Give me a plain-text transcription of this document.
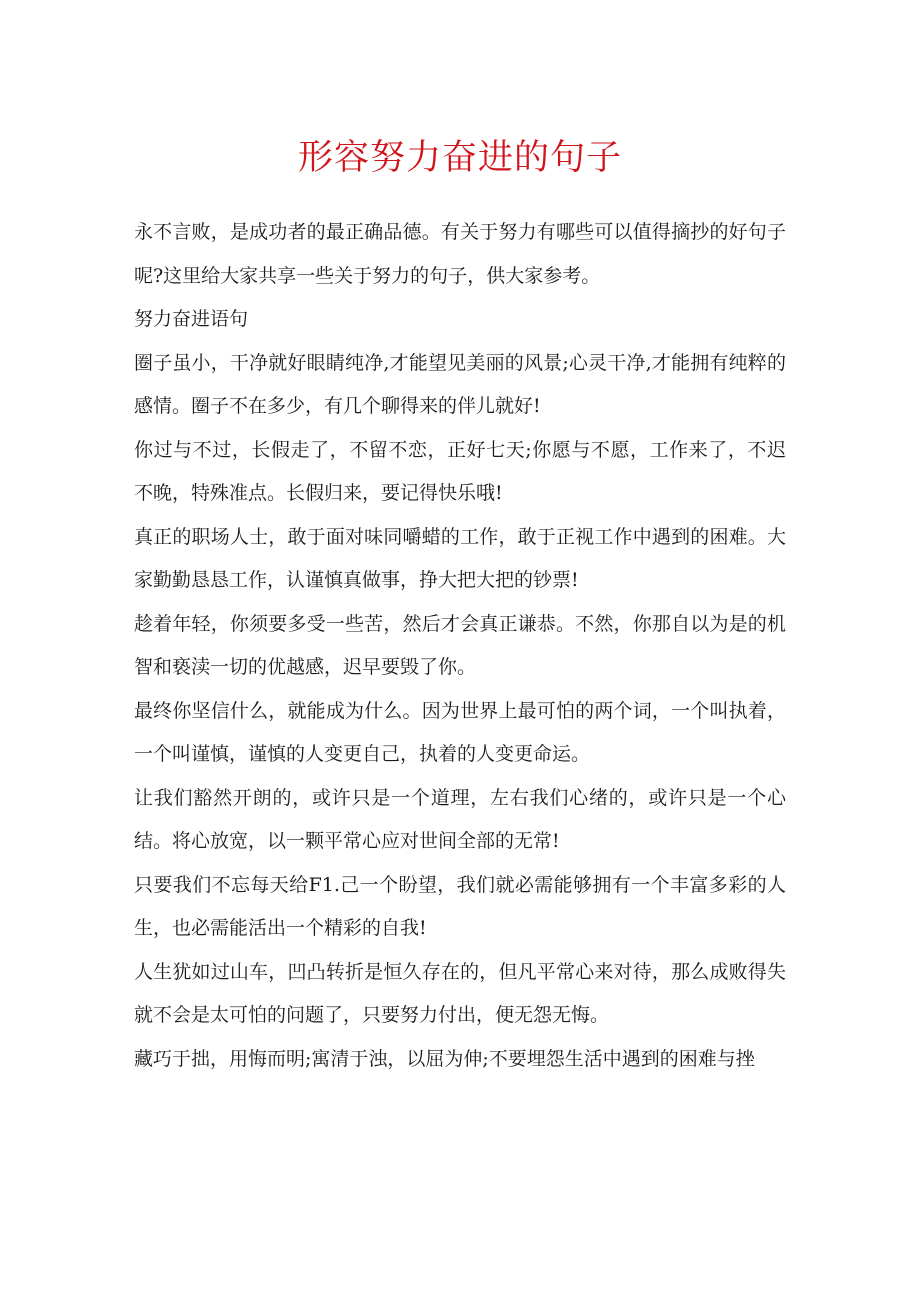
形容努力奋进的句子

永不言败，是成功者的最正确品德。有关于努力有哪些可以值得摘抄的好句子呢?这里给大家共享一些关于努力的句子，供大家参考。

努力奋进语句

圈子虽小，干净就好眼睛纯净,才能望见美丽的风景;心灵干净,才能拥有纯粹的感情。圈子不在多少，有几个聊得来的伴儿就好!

你过与不过，长假走了，不留不恋，正好七天;你愿与不愿，工作来了，不迟不晚，特殊准点。长假归来，要记得快乐哦!

真正的职场人士，敢于面对味同嚼蜡的工作，敢于正视工作中遇到的困难。大家勤勤恳恳工作，认谨慎真做事，挣大把大把的钞票!

趁着年轻，你须要多受一些苦，然后才会真正谦恭。不然，你那自以为是的机智和亵渎一切的优越感，迟早要毁了你。

最终你坚信什么，就能成为什么。因为世界上最可怕的两个词，一个叫执着，一个叫谨慎，谨慎的人变更自己，执着的人变更命运。

让我们豁然开朗的，或许只是一个道理，左右我们心绪的，或许只是一个心结。将心放宽，以一颗平常心应对世间全部的无常!

只要我们不忘每天给F1.己一个盼望，我们就必需能够拥有一个丰富多彩的人生，也必需能活出一个精彩的自我!

人生犹如过山车，凹凸转折是恒久存在的，但凡平常心来对待，那么成败得失就不会是太可怕的问题了，只要努力付出，便无怨无悔。

藏巧于拙，用悔而明;寓清于浊，以屈为伸;不要埋怨生活中遇到的困难与挫
